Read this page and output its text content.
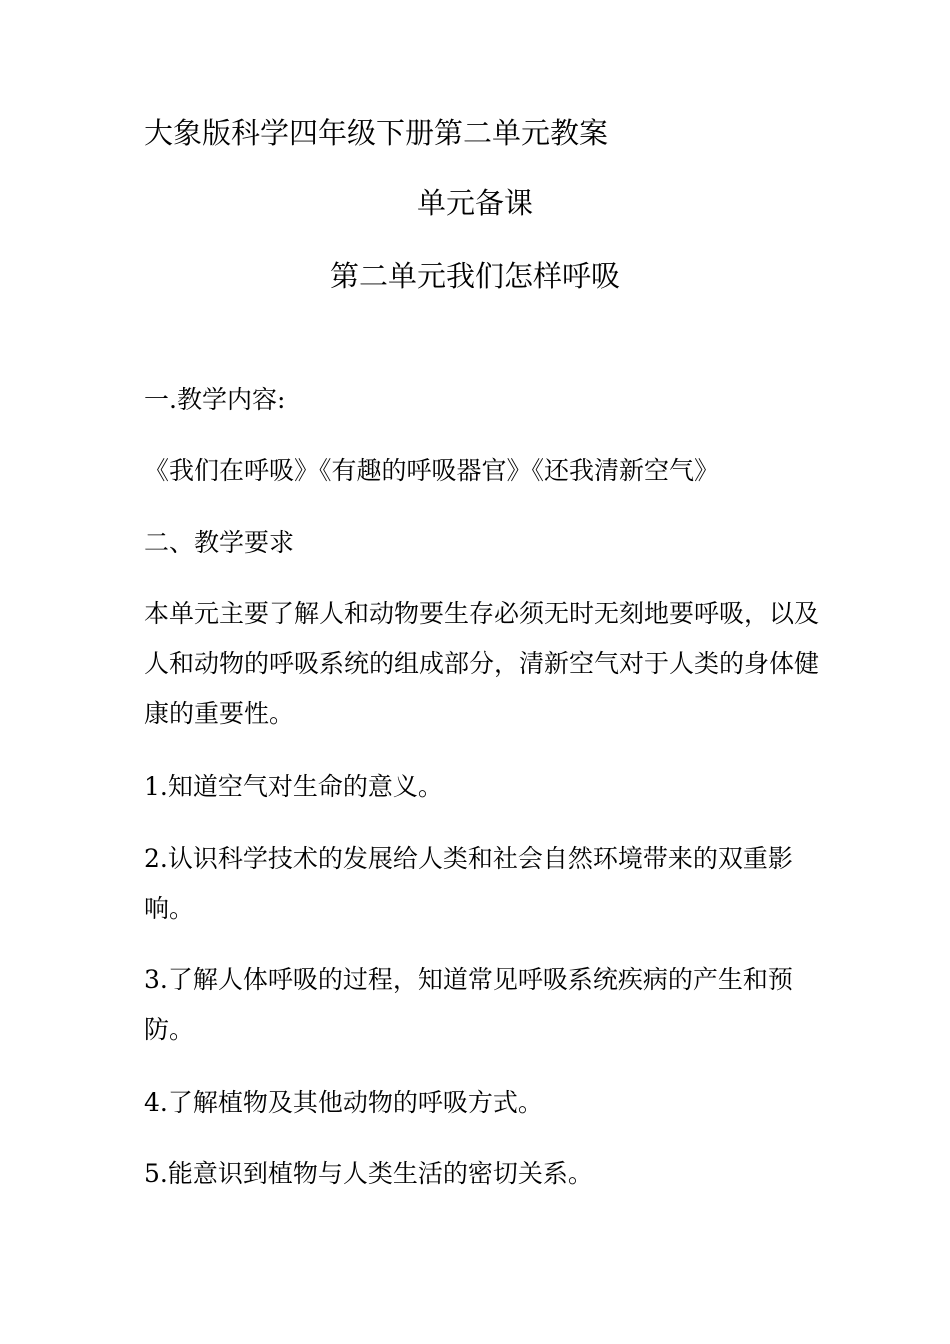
大象版科学四年级下册第二单元教案
单元备课
第二单元我们怎样呼吸
一.教学内容:
《我们在呼吸》《有趣的呼吸器官》《还我清新空气》
二、教学要求
本单元主要了解人和动物要生存必须无时无刻地要呼吸，以及
人和动物的呼吸系统的组成部分，清新空气对于人类的身体健
康的重要性。
1.知道空气对生命的意义。
2.认识科学技术的发展给人类和社会自然环境带来的双重影
响。
3.了解人体呼吸的过程，知道常见呼吸系统疾病的产生和预
防。
4.了解植物及其他动物的呼吸方式。
5.能意识到植物与人类生活的密切关系。
